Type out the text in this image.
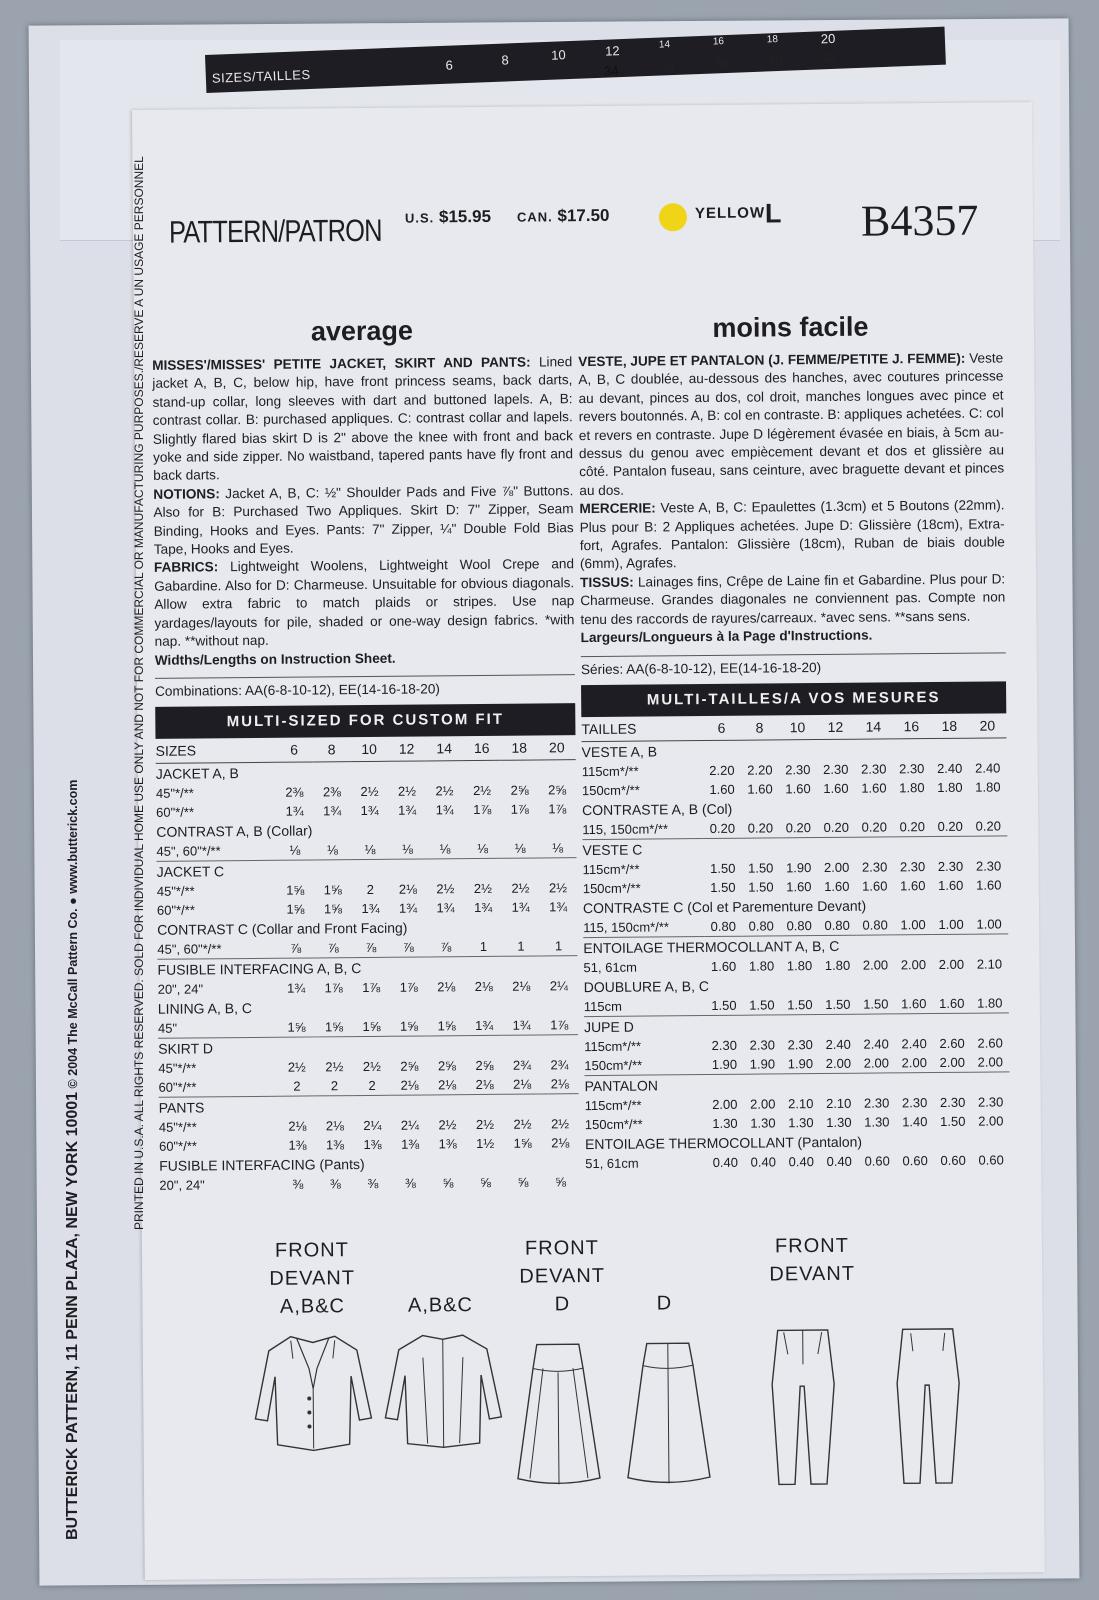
SIZES/TAILLES
6	8	10	12	14	16	18	20
34	36	38	40	42
PATTERN/PATRON U.S. $15.95 CAN. $17.50	YELLOW L B4357
average

MISSES'/MISSES' PETITE JACKET, SKIRT AND PANTS: Lined jacket A, B, C, below hip, have front princess seams, back darts, stand-up collar, long sleeves with dart and buttoned lapels. A, B: contrast collar. B: purchased appliques. C: contrast collar and lapels. Slightly flared bias skirt D is 2" above the knee with front and back yoke and side zipper. No waistband, tapered pants have fly front and back darts.

NOTIONS: Jacket A, B, C: ½" Shoulder Pads and Five ⅞" Buttons. Also for B: Purchased Two Appliques. Skirt D: 7" Zipper, Seam Binding, Hooks and Eyes. Pants: 7" Zipper, ¼" Double Fold Bias Tape, Hooks and Eyes.

FABRICS: Lightweight Woolens, Lightweight Wool Crepe and Gabardine. Also for D: Charmeuse. Unsuitable for obvious diagonals. Allow extra fabric to match plaids or stripes. Use nap yardages/layouts for pile, shaded or one-way design fabrics. *with nap. **without nap.

Widths/Lengths on Instruction Sheet.

Combinations: AA(6-8-10-12), EE(14-16-18-20)

MULTI-SIZED FOR CUSTOM FIT
SIZES	6	8	10	12	14	16	18	20
JACKET A, B								
45"*/**	2⅜	2⅜	2½	2½	2½	2½	2⅝	2⅝
60"*/**	1¾	1¾	1¾	1¾	1¾	1⅞	1⅞	1⅞
CONTRAST A, B (Collar)								
45", 60"*/**	⅛	⅛	⅛	⅛	⅛	⅛	⅛	⅛
JACKET C								
45"*/**	1⅝	1⅝	2	2⅛	2½	2½	2½	2½
60"*/**	1⅝	1⅝	1¾	1¾	1¾	1¾	1¾	1¾
CONTRAST C (Collar and Front Facing)								
45", 60"*/**	⅞	⅞	⅞	⅞	⅞	1	1	1
FUSIBLE INTERFACING A, B, C								
20", 24"	1¾	1⅞	1⅞	1⅞	2⅛	2⅛	2⅛	2¼
LINING A, B, C								
45"	1⅝	1⅝	1⅝	1⅝	1⅝	1¾	1¾	1⅞
SKIRT D								
45"*/**	2½	2½	2½	2⅝	2⅝	2⅝	2¾	2¾
60"*/**	2	2	2	2⅛	2⅛	2⅛	2⅛	2⅛
PANTS								
45"*/**	2⅛	2⅛	2¼	2¼	2½	2½	2½	2½
60"*/**	1⅜	1⅜	1⅜	1⅜	1⅜	1½	1⅝	2⅛
FUSIBLE INTERFACING (Pants)								
20", 24"	⅜	⅜	⅜	⅜	⅝	⅝	⅝	⅝
moins facile

VESTE, JUPE ET PANTALON (J. FEMME/PETITE J. FEMME): Veste A, B, C doublée, au-dessous des hanches, avec coutures princesse au devant, pinces au dos, col droit, manches longues avec pince et revers boutonnés. A, B: col en contraste. B: appliques achetées. C: col et revers en contraste. Jupe D légèrement évasée en biais, à 5cm au-dessus du genou avec empiècement devant et dos et glissière au côté. Pantalon fuseau, sans ceinture, avec braguette devant et pinces au dos.

MERCERIE: Veste A, B, C: Epaulettes (1.3cm) et 5 Boutons (22mm). Plus pour B: 2 Appliques achetées. Jupe D: Glissière (18cm), Extra-fort, Agrafes. Pantalon: Glissière (18cm), Ruban de biais double (6mm), Agrafes.

TISSUS: Lainages fins, Crêpe de Laine fin et Gabardine. Plus pour D: Charmeuse. Grandes diagonales ne conviennent pas. Compte non tenu des raccords de rayures/carreaux. *avec sens. **sans sens.

Largeurs/Longueurs à la Page d'Instructions.

Séries: AA(6-8-10-12), EE(14-16-18-20)

MULTI-TAILLES/A VOS MESURES
TAILLES	6	8	10	12	14	16	18	20
VESTE A, B								
115cm*/**	2.20	2.20	2.30	2.30	2.30	2.30	2.40	2.40
150cm*/**	1.60	1.60	1.60	1.60	1.60	1.80	1.80	1.80
CONTRASTE A, B (Col)								
115, 150cm*/**	0.20	0.20	0.20	0.20	0.20	0.20	0.20	0.20
VESTE C								
115cm*/**	1.50	1.50	1.90	2.00	2.30	2.30	2.30	2.30
150cm*/**	1.50	1.50	1.60	1.60	1.60	1.60	1.60	1.60
CONTRASTE C (Col et Parementure Devant)								
115, 150cm*/**	0.80	0.80	0.80	0.80	0.80	1.00	1.00	1.00
ENTOILAGE THERMOCOLLANT A, B, C								
51, 61cm	1.60	1.80	1.80	1.80	2.00	2.00	2.00	2.10
DOUBLURE A, B, C								
115cm	1.50	1.50	1.50	1.50	1.50	1.60	1.60	1.80
JUPE D								
115cm*/**	2.30	2.30	2.30	2.40	2.40	2.40	2.60	2.60
150cm*/**	1.90	1.90	1.90	2.00	2.00	2.00	2.00	2.00
PANTALON								
115cm*/**	2.00	2.00	2.10	2.10	2.30	2.30	2.30	2.30
150cm*/**	1.30	1.30	1.30	1.30	1.30	1.40	1.50	2.00
ENTOILAGE THERMOCOLLANT (Pantalon)								
51, 61cm	0.40	0.40	0.40	0.40	0.60	0.60	0.60	0.60
FRONT
DEVANT
A,B&C	A,B&C
FRONT
DEVANT
D	D
FRONT
DEVANT
BUTTERICK PATTERN, 11 PENN PLAZA, NEW YORK 10001 © 2004 The McCall Pattern Co. ● www.butterick.com
PRINTED IN U.S.A. ALL RIGHTS RESERVED. SOLD FOR INDIVIDUAL HOME USE ONLY AND NOT FOR COMMERCIAL OR MANUFACTURING PURPOSES./RESERVE A UN USAGE PERSONNEL
